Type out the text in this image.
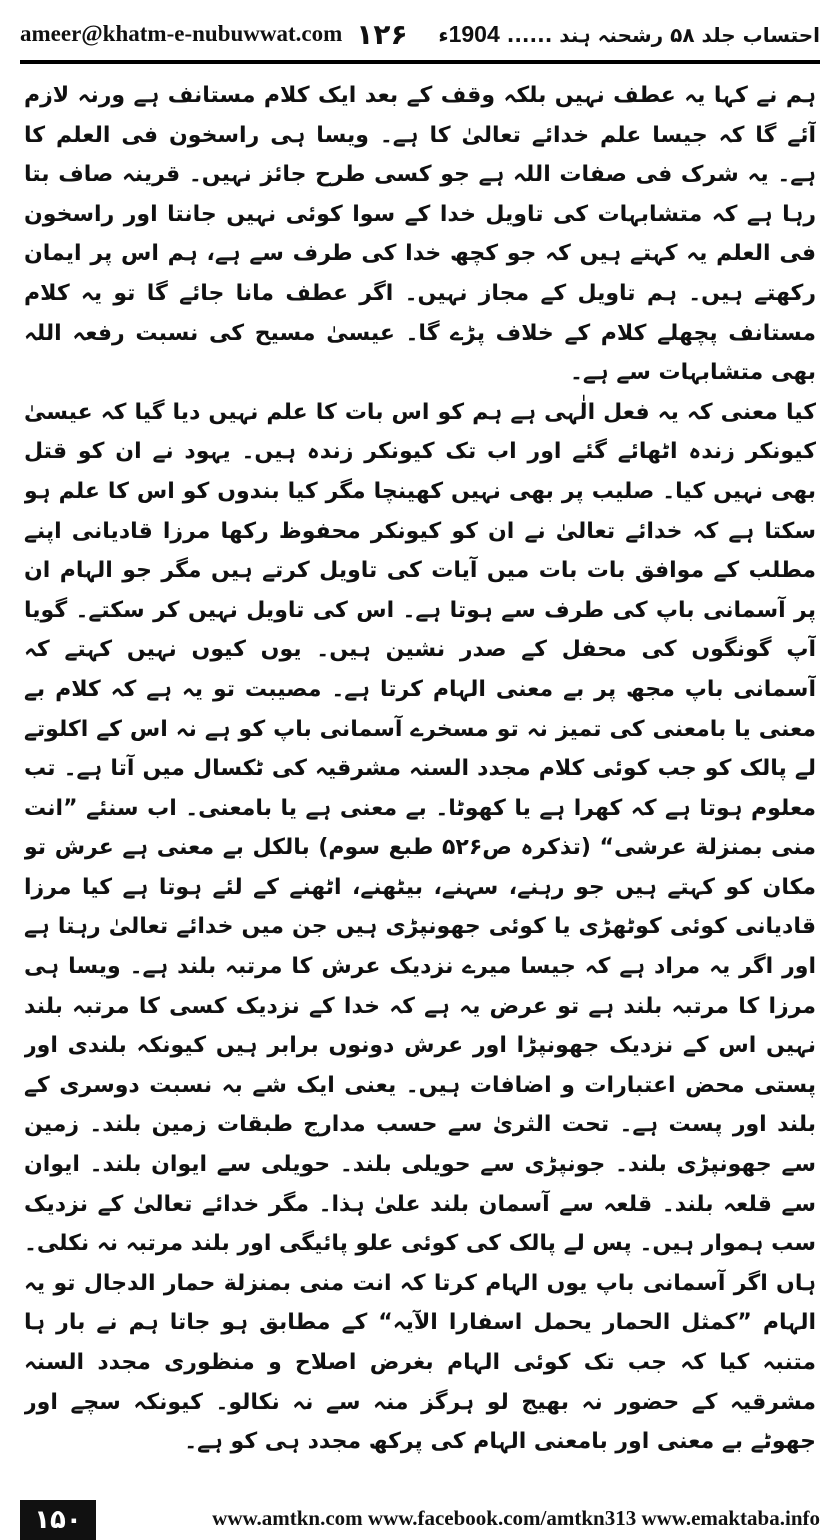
ameer@khatm-e-nubuwwat.com ۱۲۶	احتساب جلد ۵۸ رشحنہ ہند ...... 1904ء

ہم نے کہا یہ عطف نہیں بلکہ وقف کے بعد ایک کلام مستانف ہے ورنہ لازم آئے گا کہ جیسا علم خدائے تعالیٰ کا ہے۔ ویسا ہی راسخون فی العلم کا ہے۔ یہ شرک فی صفات اللہ ہے جو کسی طرح جائز نہیں۔ قرینہ صاف بتا رہا ہے کہ متشابہات کی تاویل خدا کے سوا کوئی نہیں جانتا اور راسخون فی العلم یہ کہتے ہیں کہ جو کچھ خدا کی طرف سے ہے، ہم اس پر ایمان رکھتے ہیں۔ ہم تاویل کے مجاز نہیں۔ اگر عطف مانا جائے گا تو یہ کلام مستانف پچھلے کلام کے خلاف پڑے گا۔ عیسیٰ مسیح کی نسبت رفعہ اللہ بھی متشابہات سے ہے۔

کیا معنی کہ یہ فعل الٰہی ہے ہم کو اس بات کا علم نہیں دیا گیا کہ عیسیٰ کیونکر زندہ اٹھائے گئے اور اب تک کیونکر زندہ ہیں۔ یہود نے ان کو قتل بھی نہیں کیا۔ صلیب پر بھی نہیں کھینچا مگر کیا بندوں کو اس کا علم ہو سکتا ہے کہ خدائے تعالیٰ نے ان کو کیونکر محفوظ رکھا مرزا قادیانی اپنے مطلب کے موافق بات بات میں آیات کی تاویل کرتے ہیں مگر جو الہام ان پر آسمانی باپ کی طرف سے ہوتا ہے۔ اس کی تاویل نہیں کر سکتے۔ گویا آپ گونگوں کی محفل کے صدر نشین ہیں۔ یوں کیوں نہیں کہتے کہ آسمانی باپ مجھ پر بے معنی الہام کرتا ہے۔ مصیبت تو یہ ہے کہ کلام بے معنی یا بامعنی کی تمیز نہ تو مسخرے آسمانی باپ کو ہے نہ اس کے اکلوتے لے پالک کو جب کوئی کلام مجدد السنہ مشرقیہ کی ٹکسال میں آتا ہے۔ تب معلوم ہوتا ہے کہ کھرا ہے یا کھوٹا۔ بے معنی ہے یا بامعنی۔ اب سنئے ”انت منی بمنزلة عرشی“ (تذکرہ ص۵۲۶ طبع سوم) بالکل بے معنی ہے عرش تو مکان کو کہتے ہیں جو رہنے، سہنے، بیٹھنے، اٹھنے کے لئے ہوتا ہے کیا مرزا قادیانی کوئی کوٹھڑی یا کوئی جھونپڑی ہیں جن میں خدائے تعالیٰ رہتا ہے اور اگر یہ مراد ہے کہ جیسا میرے نزدیک عرش کا مرتبہ بلند ہے۔ ویسا ہی مرزا کا مرتبہ بلند ہے تو عرض یہ ہے کہ خدا کے نزدیک کسی کا مرتبہ بلند نہیں اس کے نزدیک جھونپڑا اور عرش دونوں برابر ہیں کیونکہ بلندی اور پستی محض اعتبارات و اضافات ہیں۔ یعنی ایک شے بہ نسبت دوسری کے بلند اور پست ہے۔ تحت الثریٰ سے حسب مدارج طبقات زمین بلند۔ زمین سے جھونپڑی بلند۔ جونپڑی سے حویلی بلند۔ حویلی سے ایوان بلند۔ ایوان سے قلعہ بلند۔ قلعہ سے آسمان بلند علیٰ ہذا۔ مگر خدائے تعالیٰ کے نزدیک سب ہموار ہیں۔ پس لے پالک کی کوئی علو پائیگی اور بلند مرتبہ نہ نکلی۔ ہاں اگر آسمانی باپ یوں الہام کرتا کہ انت منی بمنزلة حمار الدجال تو یہ الہام ”کمثل الحمار یحمل اسفارا الآیہ“ کے مطابق ہو جاتا ہم نے بار ہا متنبہ کیا کہ جب تک کوئی الہام بغرض اصلاح و منظوری مجدد السنہ مشرقیہ کے حضور نہ بھیج لو ہرگز منہ سے نہ نکالو۔ کیونکہ سچے اور جھوٹے بے معنی اور بامعنی الہام کی پرکھ مجدد ہی کو ہے۔

۱۵۰	www.amtkn.com www.facebook.com/amtkn313 www.emaktaba.info
